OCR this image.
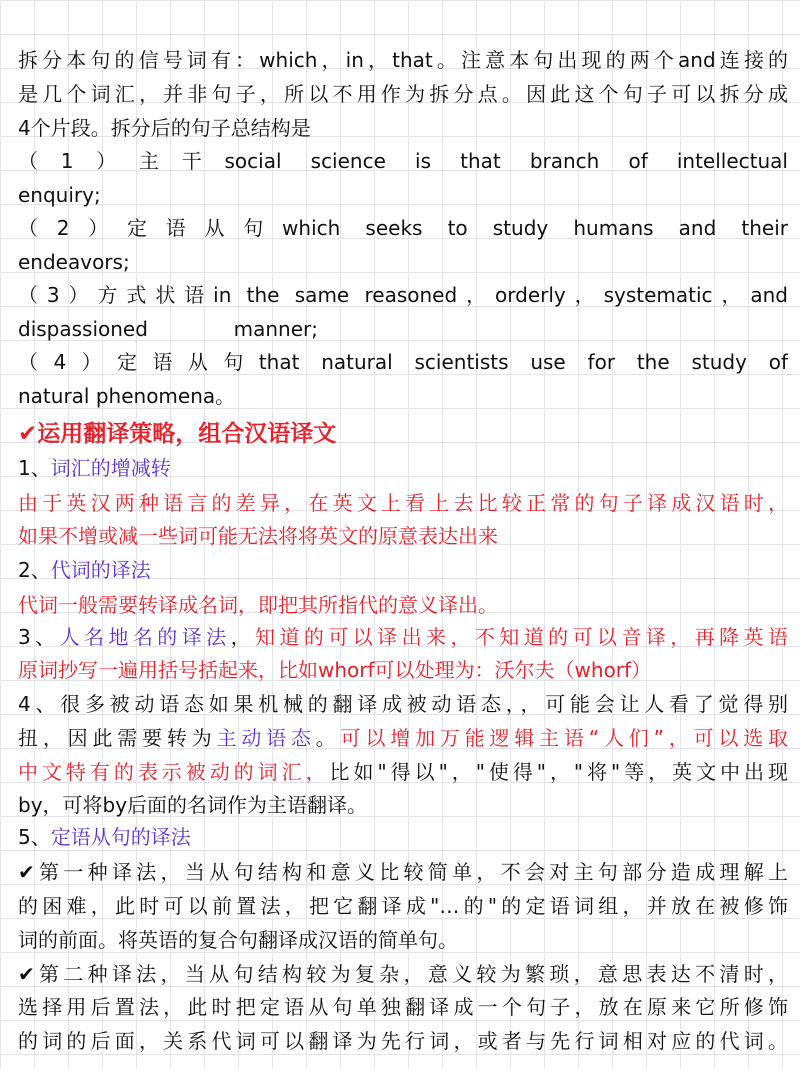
拆分本句的信号词有：which，in，that。注意本句出现的两个and连接的
是几个词汇，并非句子，所以不用作为拆分点。因此这个句子可以拆分成
4个片段。拆分后的句子总结构是
（1）主干social science is that branch of intellectual
enquiry;
（2）定语从句which seeks to study humans and their
endeavors;
（3）方式状语in the same reasoned，orderly，systematic，and
dispassioned manner;
（4）定语从句that natural scientists use for the study of
natural phenomena。
✔运用翻译策略，组合汉语译文
1、词汇的增减转
由于英汉两种语言的差异，在英文上看上去比较正常的句子译成汉语时，
如果不增或减一些词可能无法将将英文的原意表达出来
2、代词的译法
代词一般需要转译成名词，即把其所指代的意义译出。
3、人名地名的译法，知道的可以译出来，不知道的可以音译，再降英语
原词抄写一遍用括号括起来，比如whorf可以处理为：沃尔夫（whorf）
4、很多被动语态如果机械的翻译成被动语态，，可能会让人看了觉得别
扭，因此需要转为主动语态。可以增加万能逻辑主语“人们”，可以选取
中文特有的表示被动的词汇，比如"得以"，"使得"，"将"等，英文中出现
by，可将by后面的名词作为主语翻译。
5、定语从句的译法
✔第一种译法，当从句结构和意义比较简单，不会对主句部分造成理解上
的困难，此时可以前置法，把它翻译成"…的"的定语词组，并放在被修饰
词的前面。将英语的复合句翻译成汉语的简单句。
✔第二种译法，当从句结构较为复杂，意义较为繁琐，意思表达不清时，
选择用后置法，此时把定语从句单独翻译成一个句子，放在原来它所修饰
的词的后面，关系代词可以翻译为先行词，或者与先行词相对应的代词。
